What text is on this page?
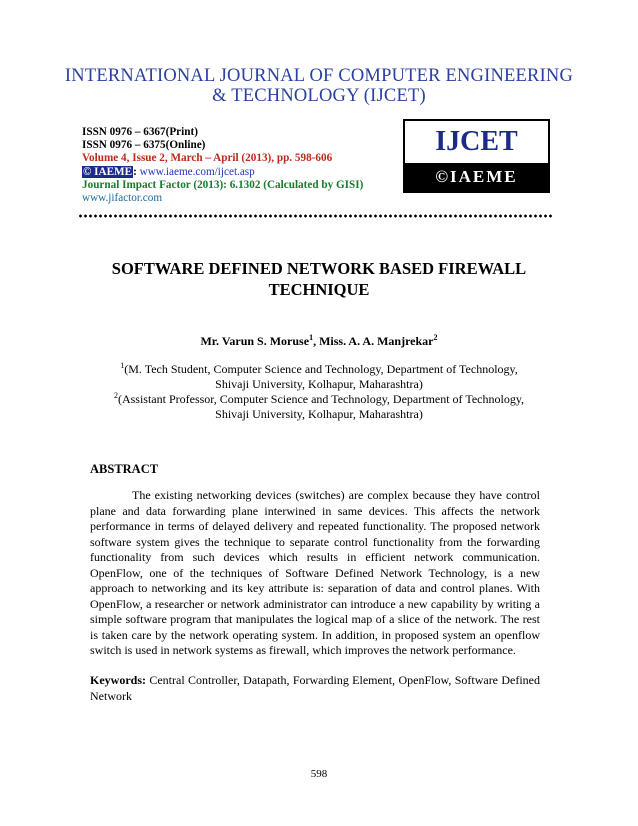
INTERNATIONAL JOURNAL OF COMPUTER ENGINEERING
& TECHNOLOGY (IJCET)
ISSN 0976 – 6367(Print)
ISSN 0976 – 6375(Online)
Volume 4, Issue 2, March – April (2013), pp. 598-606
© IAEME: www.iaeme.com/ijcet.asp
Journal Impact Factor (2013): 6.1302 (Calculated by GISI)
www.jifactor.com
IJCET
©IAEME
SOFTWARE DEFINED NETWORK BASED FIREWALL
TECHNIQUE
Mr. Varun S. Moruse$^1$, Miss. A. A. Manjrekar$^2$
$^1$(M. Tech Student, Computer Science and Technology, Department of Technology,
Shivaji University, Kolhapur, Maharashtra)
$^2$(Assistant Professor, Computer Science and Technology, Department of Technology,
Shivaji University, Kolhapur, Maharashtra)
ABSTRACT
The existing networking devices (switches) are complex because they have control plane and data forwarding plane interwined in same devices. This affects the network performance in terms of delayed delivery and repeated functionality. The proposed network software system gives the technique to separate control functionality from the forwarding functionality from such devices which results in efficient network communication. OpenFlow, one of the techniques of Software Defined Network Technology, is a new approach to networking and its key attribute is: separation of data and control planes. With OpenFlow, a researcher or network administrator can introduce a new capability by writing a simple software program that manipulates the logical map of a slice of the network. The rest is taken care by the network operating system. In addition, in proposed system an openflow switch is used in network systems as firewall, which improves the network performance.
Keywords: Central Controller, Datapath, Forwarding Element, OpenFlow, Software Defined Network
598
